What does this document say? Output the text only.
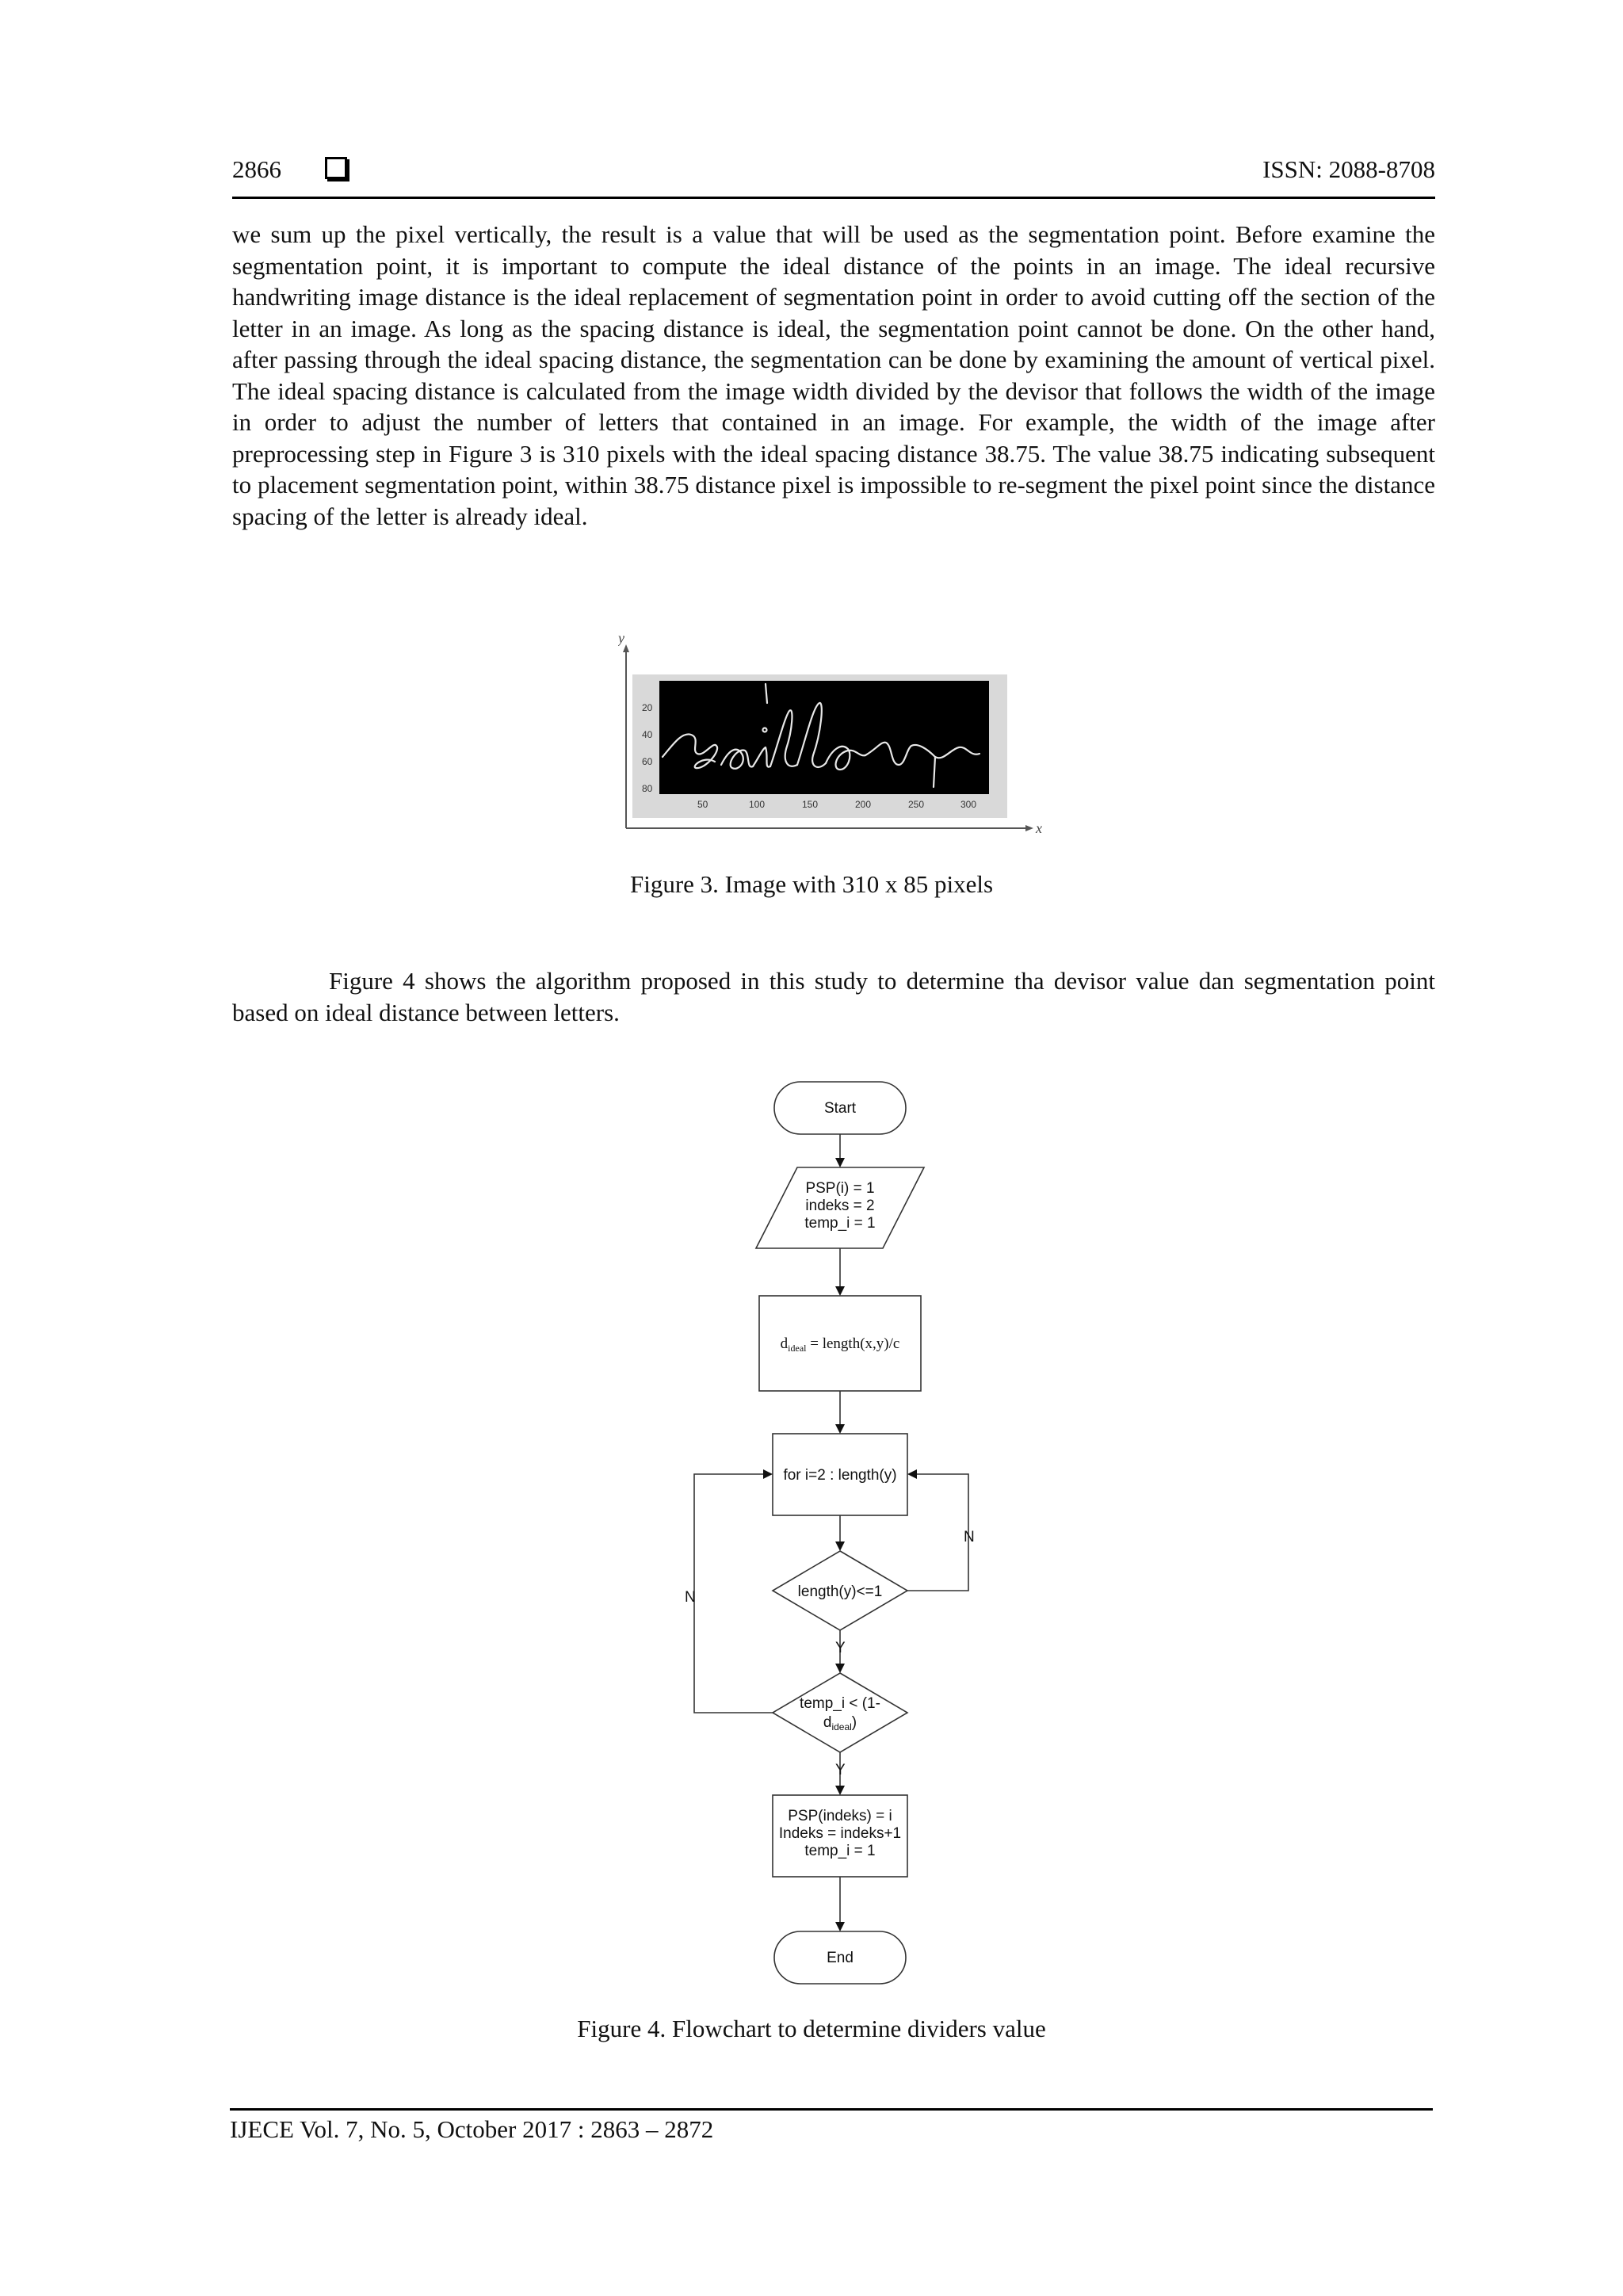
2866	ISSN: 2088-8708

we sum up the pixel vertically, the result is a value that will be used as the segmentation point. Before examine the segmentation point, it is important to compute the ideal distance of the points in an image. The ideal recursive handwriting image distance is the ideal replacement of segmentation point in order to avoid cutting off the section of the letter in an image. As long as the spacing distance is ideal, the segmentation point cannot be done. On the other hand, after passing through the ideal spacing distance, the segmentation can be done by examining the amount of vertical pixel. The ideal spacing distance is calculated from the image width divided by the devisor that follows the width of the image in order to adjust the number of letters that contained in an image. For example, the width of the image after preprocessing step in Figure 3 is 310 pixels with the ideal spacing distance 38.75. The value 38.75 indicating subsequent to placement segmentation point, within 38.75 distance pixel is impossible to re-segment the pixel point since the distance spacing of the letter is already ideal.

y
x
20
40
60
80
50	100	150	200	250	300
Figure 3. Image with 310 x 85 pixels

Figure 4 shows the algorithm proposed in this study to determine tha devisor value dan segmentation point based on ideal distance between letters.

Start
PSP(i) = 1
indeks = 2
temp_i = 1
$d_{ideal}$ = length(x,y)/c
for i=2 : length(y)
length(y)<=1
temp_i < (1-
$d_{ideal}$)
PSP(indeks) = i
Indeks = indeks+1
temp_i = 1
End
N
N
Y
Y
Figure 4. Flowchart to determine dividers value
IJECE Vol. 7, No. 5, October 2017 : 2863 – 2872
